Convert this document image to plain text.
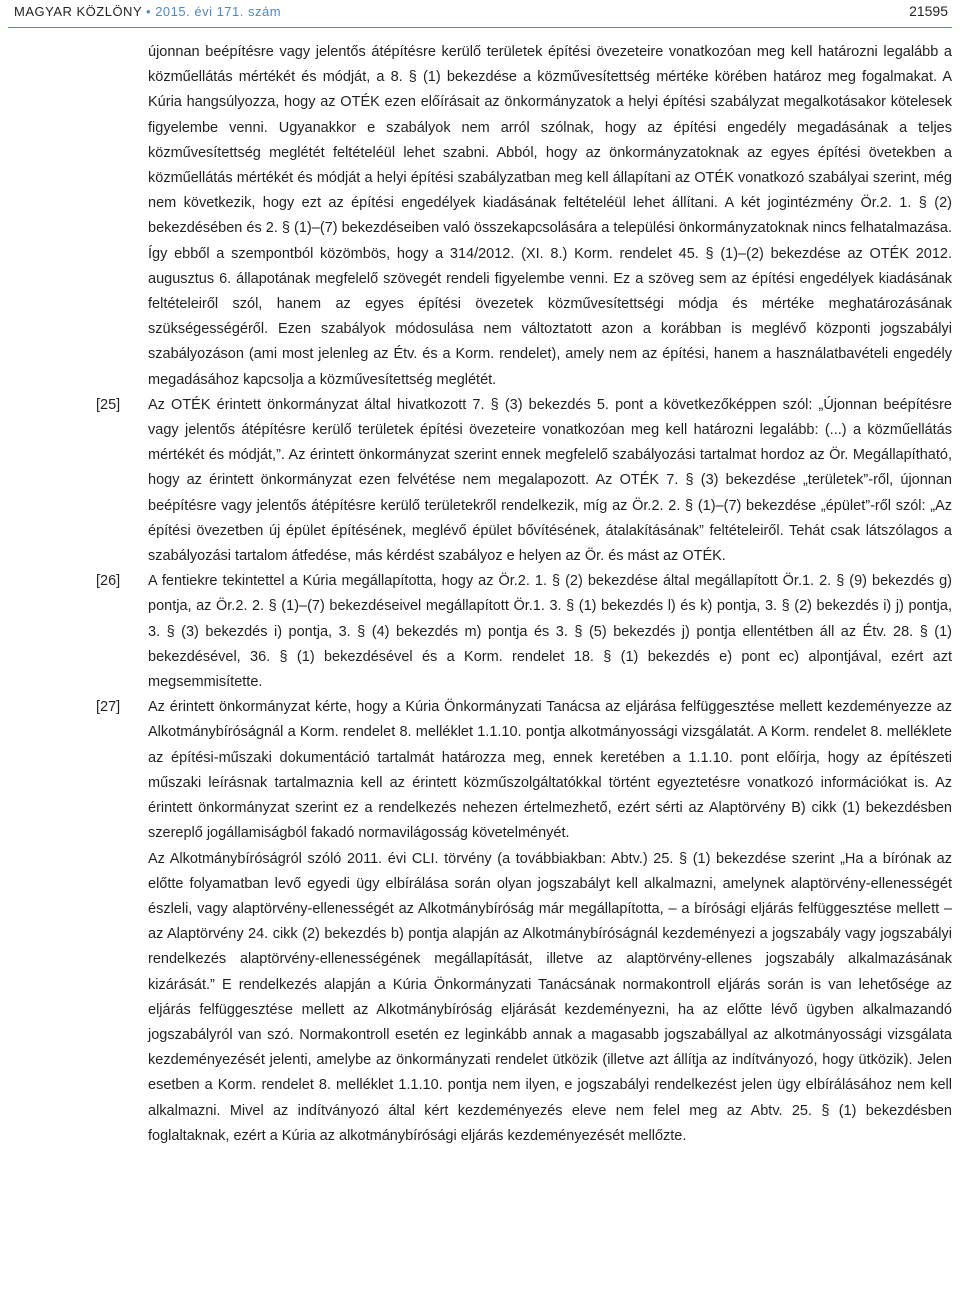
MAGYAR KÖZLÖNY • 2015. évi 171. szám	21595
újonnan beépítésre vagy jelentős átépítésre kerülő területek építési övezeteire vonatkozóan meg kell határozni legalább a közműellátás mértékét és módját, a 8. § (1) bekezdése a közművesítettség mértéke körében határoz meg fogalmakat. A Kúria hangsúlyozza, hogy az OTÉK ezen előírásait az önkormányzatok a helyi építési szabályzat megalkotásakor kötelesek figyelembe venni. Ugyanakkor e szabályok nem arról szólnak, hogy az építési engedély megadásának a teljes közművesítettség meglétét feltételéül lehet szabni. Abból, hogy az önkormányzatoknak az egyes építési övetekben a közműellátás mértékét és módját a helyi építési szabályzatban meg kell állapítani az OTÉK vonatkozó szabályai szerint, még nem következik, hogy ezt az építési engedélyek kiadásának feltételéül lehet állítani. A két jogintézmény Ör.2. 1. § (2) bekezdésében és 2. § (1)–(7) bekezdéseiben való összekapcsolására a települési önkormányzatoknak nincs felhatalmazása. Így ebből a szempontból közömbös, hogy a 314/2012. (XI. 8.) Korm. rendelet 45. § (1)–(2) bekezdése az OTÉK 2012. augusztus 6. állapotának megfelelő szövegét rendeli figyelembe venni. Ez a szöveg sem az építési engedélyek kiadásának feltételeiről szól, hanem az egyes építési övezetek közművesítettségi módja és mértéke meghatározásának szükségességéről. Ezen szabályok módosulása nem változtatott azon a korábban is meglévő központi jogszabályi szabályozáson (ami most jelenleg az Étv. és a Korm. rendelet), amely nem az építési, hanem a használatbavételi engedély megadásához kapcsolja a közművesítettség meglétét.
[25] Az OTÉK érintett önkormányzat által hivatkozott 7. § (3) bekezdés 5. pont a következőképpen szól: „Újonnan beépítésre vagy jelentős átépítésre kerülő területek építési övezeteire vonatkozóan meg kell határozni legalább: (...) a közműellátás mértékét és módját,”. Az érintett önkormányzat szerint ennek megfelelő szabályozási tartalmat hordoz az Ör. Megállapítható, hogy az érintett önkormányzat ezen felvétése nem megalapozott. Az OTÉK 7. § (3) bekezdése „területek”-ről, újonnan beépítésre vagy jelentős átépítésre kerülő területekről rendelkezik, míg az Ör.2. 2. § (1)–(7) bekezdése „épület”-ről szól: „Az építési övezetben új épület építésének, meglévő épület bővítésének, átalakításának” feltételeiről. Tehát csak látszólagos a szabályozási tartalom átfedése, más kérdést szabályoz e helyen az Ör. és mást az OTÉK.
[26] A fentiekre tekintettel a Kúria megállapította, hogy az Ör.2. 1. § (2) bekezdése által megállapított Ör.1. 2. § (9) bekezdés g) pontja, az Ör.2. 2. § (1)–(7) bekezdéseivel megállapított Ör.1. 3. § (1) bekezdés l) és k) pontja, 3. § (2) bekezdés i) j) pontja, 3. § (3) bekezdés i) pontja, 3. § (4) bekezdés m) pontja és 3. § (5) bekezdés j) pontja ellentétben áll az Étv. 28. § (1) bekezdésével, 36. § (1) bekezdésével és a Korm. rendelet 18. § (1) bekezdés e) pont ec) alpontjával, ezért azt megsemmisítette.
[27] Az érintett önkormányzat kérte, hogy a Kúria Önkormányzati Tanácsa az eljárása felfüggesztése mellett kezdeményezze az Alkotmánybíróságnál a Korm. rendelet 8. melléklet 1.1.10. pontja alkotmányossági vizsgálatát. A Korm. rendelet 8. melléklete az építési-műszaki dokumentáció tartalmát határozza meg, ennek keretében a 1.1.10. pont előírja, hogy az építészeti műszaki leírásnak tartalmaznia kell az érintett közműszolgáltatókkal történt egyeztetésre vonatkozó információkat is. Az érintett önkormányzat szerint ez a rendelkezés nehezen értelmezhető, ezért sérti az Alaptörvény B) cikk (1) bekezdésben szereplő jogállamiságból fakadó normavilágosság követelményét.
Az Alkotmánybíróságról szóló 2011. évi CLI. törvény (a továbbiakban: Abtv.) 25. § (1) bekezdése szerint „Ha a bírónak az előtte folyamatban levő egyedi ügy elbírálása során olyan jogszabályt kell alkalmazni, amelynek alaptörvény-ellenességét észleli, vagy alaptörvény-ellenességét az Alkotmánybíróság már megállapította, – a bírósági eljárás felfüggesztése mellett – az Alaptörvény 24. cikk (2) bekezdés b) pontja alapján az Alkotmánybíróságnál kezdeményezi a jogszabály vagy jogszabályi rendelkezés alaptörvény-ellenességének megállapítását, illetve az alaptörvény-ellenes jogszabály alkalmazásának kizárását.” E rendelkezés alapján a Kúria Önkormányzati Tanácsának normakontroll eljárás során is van lehetősége az eljárás felfüggesztése mellett az Alkotmánybíróság eljárását kezdeményezni, ha az előtte lévő ügyben alkalmazandó jogszabályról van szó. Normakontroll esetén ez leginkább annak a magasabb jogszabállyal az alkotmányossági vizsgálata kezdeményezését jelenti, amelybe az önkormányzati rendelet ütközik (illetve azt állítja az indítványozó, hogy ütközik). Jelen esetben a Korm. rendelet 8. melléklet 1.1.10. pontja nem ilyen, e jogszabályi rendelkezést jelen ügy elbírálásához nem kell alkalmazni. Mivel az indítványozó által kért kezdeményezés eleve nem felel meg az Abtv. 25. § (1) bekezdésben foglaltaknak, ezért a Kúria az alkotmánybírósági eljárás kezdeményezését mellőzte.
